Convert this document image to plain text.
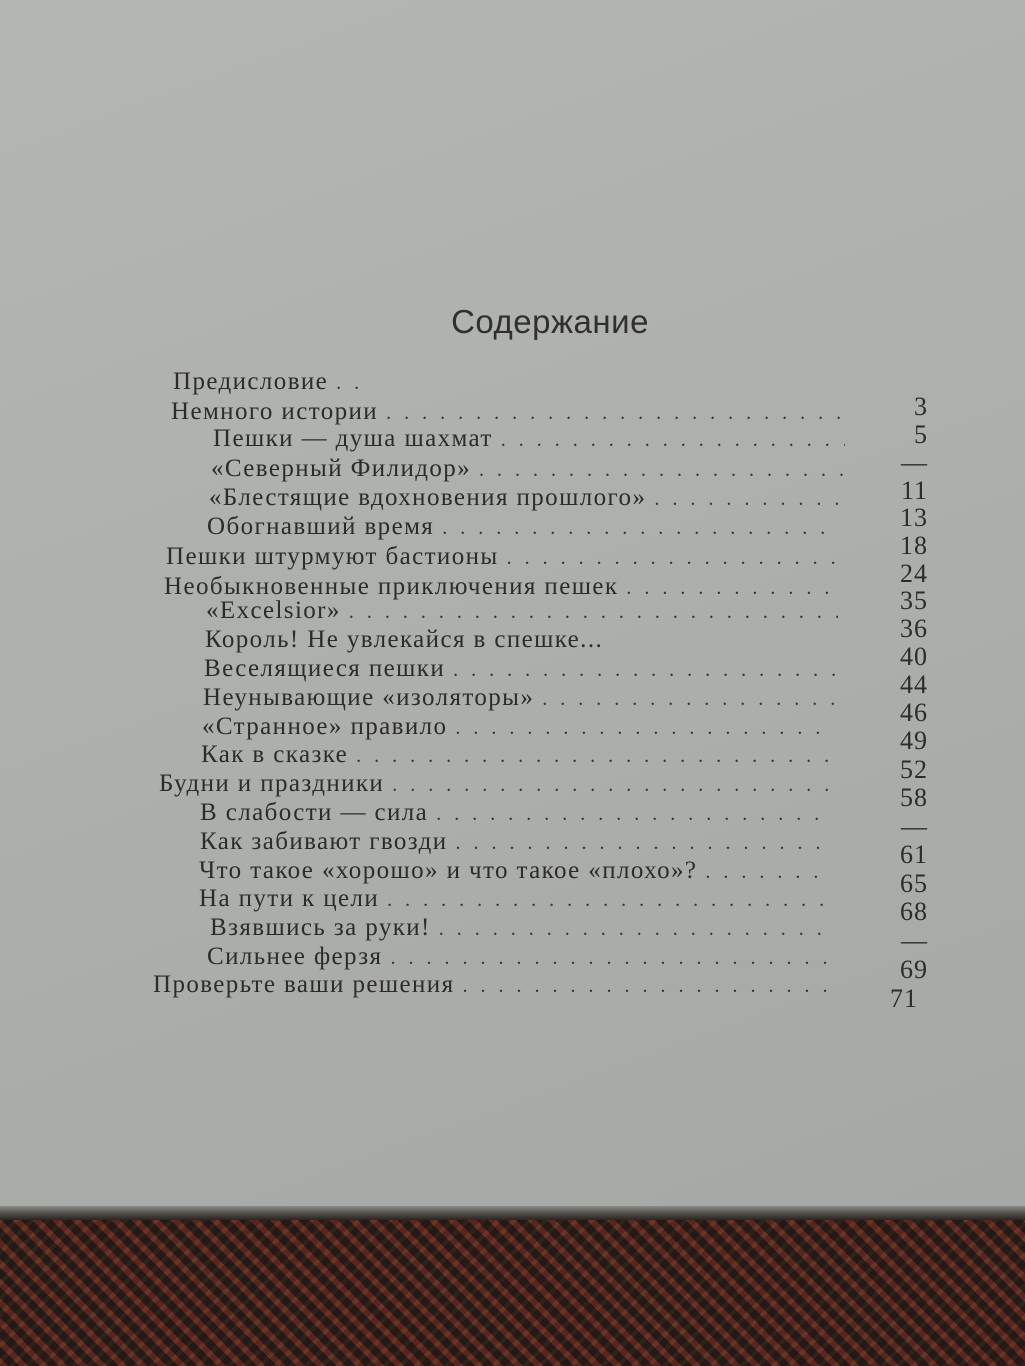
Содержание
Предисловие
. . .
Немного истории
. . .
Пешки — душа шахмат
. . .
«Северный Филидор»
. . .
«Блестящие вдохновения прошлого»
. . .
Обогнавший время
. . .
Пешки штурмуют бастионы
. . .
Необыкновенные приключения пешек
. . .
«Excelsior»
. . .
Король! Не увлекайся в спешке...
Веселящиеся пешки
. . .
Неунывающие «изоляторы»
. . .
«Странное» правило
. . .
Как в сказке
. . .
Будни и праздники
. . .
В слабости — сила
. . .
Как забивают гвозди
. . .
Что такое «хорошо» и что такое «плохо»?
. . .
На пути к цели
. . .
Взявшись за руки!
. . .
Сильнее ферзя
. . .
Проверьте ваши решения
. . .
3
5
—
11
13
18
24
35
36
40
44
46
49
52
58
—
61
65
68
—
69
71
